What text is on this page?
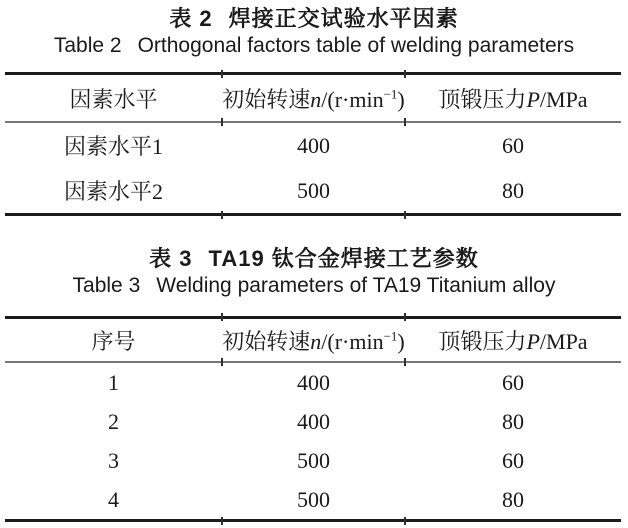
表 2 焊接正交试验水平因素
Table 2 Orthogonal factors table of welding parameters
因素水平	初始转速$n/(r\cdot\min^{-1})$	顶锻压力P/MPa
因素水平1	400	60
因素水平2	500	80
表 3 TA19 钛合金焊接工艺参数
Table 3 Welding parameters of TA19 Titanium alloy
序号	初始转速$n/(r\cdot\min^{-1})$	顶锻压力P/MPa
1	400	60
2	400	80
3	500	60
4	500	80
